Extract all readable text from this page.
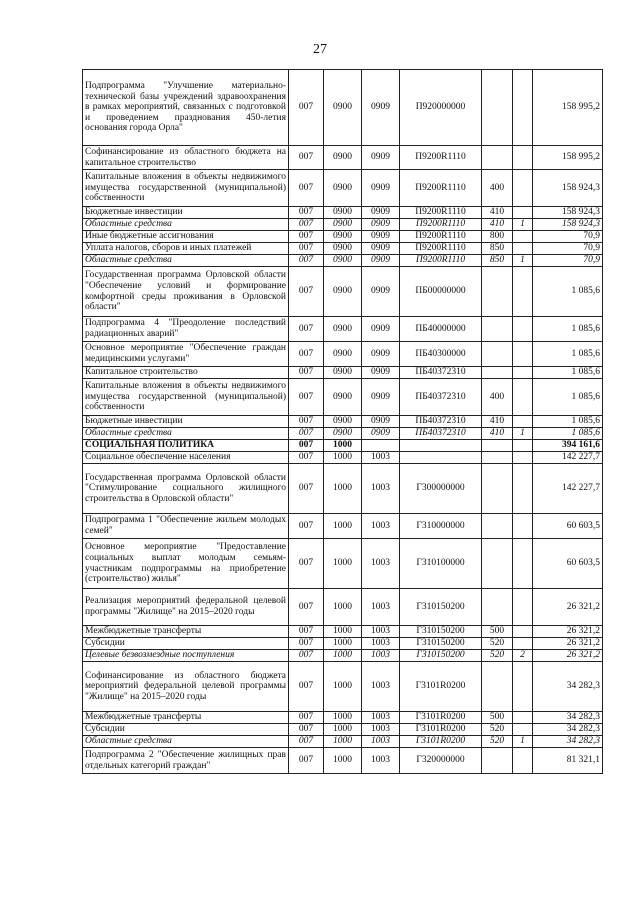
27
Подпрограмма "Улучшение материально-технической базы учреждений здравоохранения в рамках мероприятий, связанных с подготовкой и проведением празднования 450-летия основания города Орла"	007	0900	0909	П920000000			158 995,2
Софинансирование из областного бюджета на капитальное строительство	007	0900	0909	П9200R1110			158 995,2
Капитальные вложения в объекты недвижимого имущества государственной (муниципальной) собственности	007	0900	0909	П9200R1110	400		158 924,3
Бюджетные инвестиции	007	0900	0909	П9200R1110	410		158 924,3
Областные средства	007	0900	0909	П9200R1110	410	1	158 924,3
Иные бюджетные ассигнования	007	0900	0909	П9200R1110	800		70,9
Уплата налогов, сборов и иных платежей	007	0900	0909	П9200R1110	850		70,9
Областные средства	007	0900	0909	П9200R1110	850	1	70,9
Государственная программа Орловской области "Обеспечение условий и формирование комфортной среды проживания в Орловской области"	007	0900	0909	ПБ00000000			1 085,6
Подпрограмма 4 "Преодоление последствий радиационных аварий"	007	0900	0909	ПБ40000000			1 085,6
Основное мероприятие "Обеспечение граждан медицинскими услугами"	007	0900	0909	ПБ40300000			1 085,6
Капитальное строительство	007	0900	0909	ПБ40372310			1 085,6
Капитальные вложения в объекты недвижимого имущества государственной (муниципальной) собственности	007	0900	0909	ПБ40372310	400		1 085,6
Бюджетные инвестиции	007	0900	0909	ПБ40372310	410		1 085,6
Областные средства	007	0900	0909	ПБ40372310	410	1	1 085,6
СОЦИАЛЬНАЯ ПОЛИТИКА	007	1000					394 161,6
Социальное обеспечение населения	007	1000	1003				142 227,7
Государственная программа Орловской области "Стимулирование социального жилищного строительства в Орловской области"	007	1000	1003	Г300000000			142 227,7
Подпрограмма 1 "Обеспечение жильем молодых семей"	007	1000	1003	Г310000000			60 603,5
Основное мероприятие "Предоставление социальных выплат молодым семьям-участникам подпрограммы на приобретение (строительство) жилья"	007	1000	1003	Г310100000			60 603,5
Реализация мероприятий федеральной целевой программы "Жилище" на 2015–2020 годы	007	1000	1003	Г310150200			26 321,2
Межбюджетные трансферты	007	1000	1003	Г310150200	500		26 321,2
Субсидии	007	1000	1003	Г310150200	520		26 321,2
Целевые безвозмездные поступления	007	1000	1003	Г310150200	520	2	26 321,2
Софинансирование из областного бюджета мероприятий федеральной целевой программы "Жилище" на 2015–2020 годы	007	1000	1003	Г3101R0200			34 282,3
Межбюджетные трансферты	007	1000	1003	Г3101R0200	500		34 282,3
Субсидии	007	1000	1003	Г3101R0200	520		34 282,3
Областные средства	007	1000	1003	Г3101R0200	520	1	34 282,3
Подпрограмма 2 "Обеспечение жилищных прав отдельных категорий граждан"	007	1000	1003	Г320000000			81 321,1
